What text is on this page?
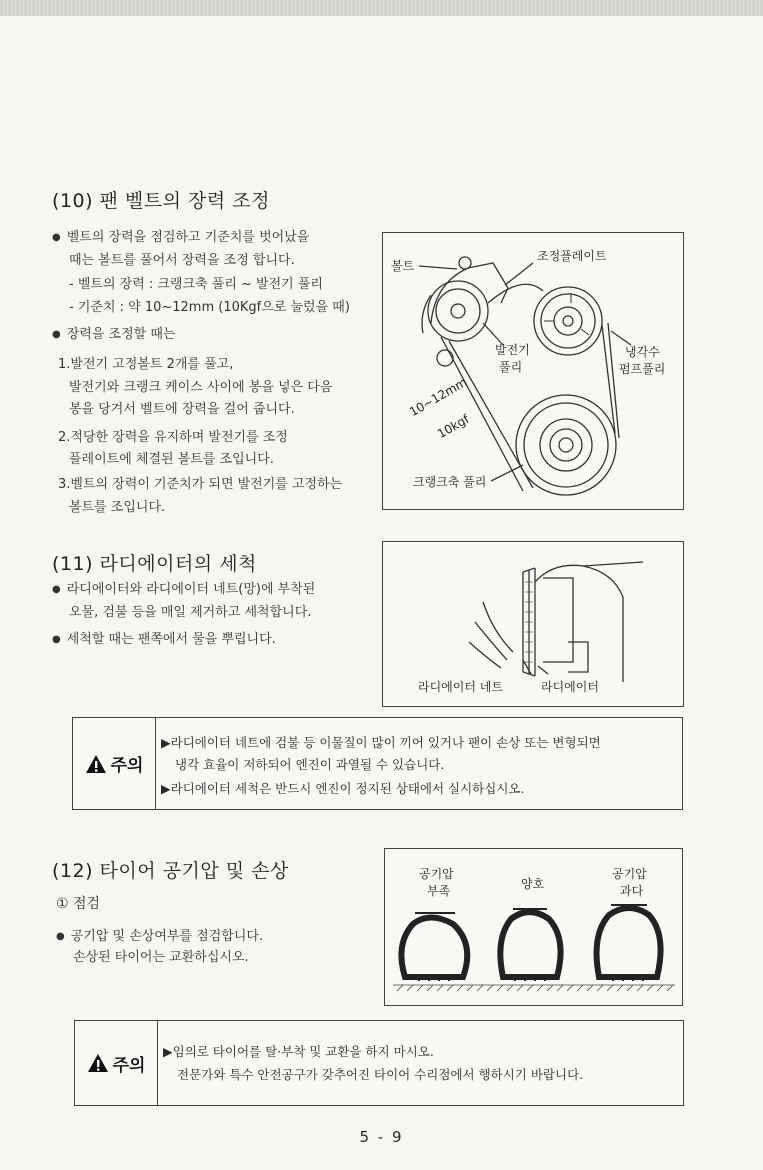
(10) 팬 벨트의 장력 조정
● 벨트의 장력을 점검하고 기준치를 벗어났을
때는 볼트를 풀어서 장력을 조정 합니다.
- 벨트의 장력 : 크랭크축 풀리 ~ 발전기 풀리
- 기준치 : 약 10~12mm (10Kgf으로 눌렀을 때)
● 장력을 조정할 때는
1.발전기 고정볼트 2개를 풀고,
발전기와 크랭크 케이스 사이에 봉을 넣은 다음
봉을 당겨서 벨트에 장력을 걸어 줍니다.
2.적당한 장력을 유지하며 발전기를 조정
플레이트에 체결된 볼트를 조입니다.
3.벨트의 장력이 기준치가 되면 발전기를 고정하는
볼트를 조입니다.
볼트
조정플레이트
발전기
풀리
냉각수
펌프풀리
10~12mm
10kgf
크랭크축 풀리
(11) 라디에이터의 세척
● 라디에이터와 라디에이터 네트(망)에 부착된
오물, 검불 등을 매일 제거하고 세척합니다.
● 세척할 때는 팬쪽에서 물을 뿌립니다.
라디에이터 네트	라디에이터
주의
▶라디에이터 네트에 검불 등 이물질이 많이 끼어 있거나 팬이 손상 또는 변형되면
냉각 효율이 저하되어 엔진이 과열될 수 있습니다.
▶라디에이터 세척은 반드시 엔진이 정지된 상태에서 실시하십시오.
(12) 타이어 공기압 및 손상
① 점검
● 공기압 및 손상여부를 점검합니다.
손상된 타이어는 교환하십시오.
공기압
부족	양호
공기압
과다
주의
▶임의로 타이어를 탈·부착 및 교환을 하지 마시오.
전문가와 특수 안전공구가 갖추어진 타이어 수리점에서 행하시기 바랍니다.
5 - 9
